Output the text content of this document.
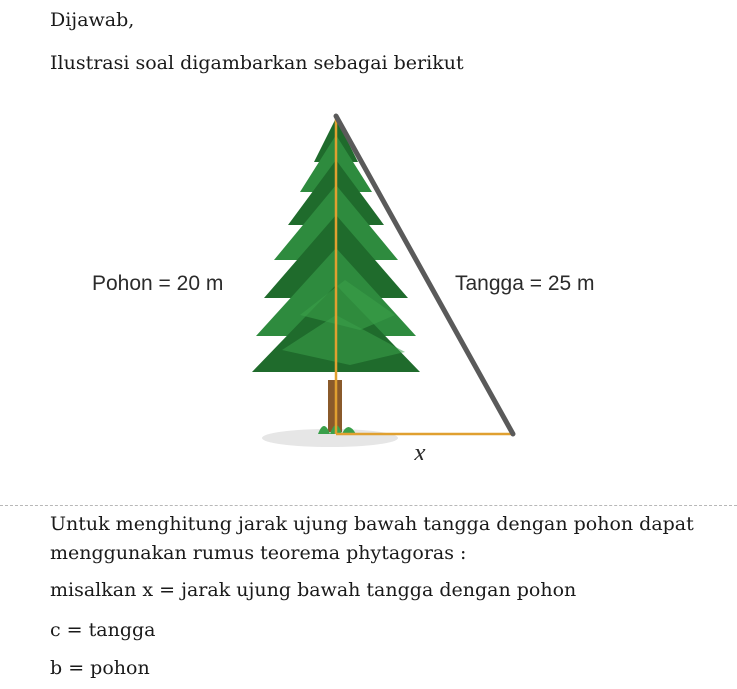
Dijawab,

Ilustrasi soal digambarkan sebagai berikut

Pohon = 20 m	Tangga = 25 m
x

Untuk menghitung jarak ujung bawah tangga dengan pohon dapat menggunakan rumus teorema phytagoras :

misalkan x = jarak ujung bawah tangga dengan pohon

c = tangga

b = pohon
